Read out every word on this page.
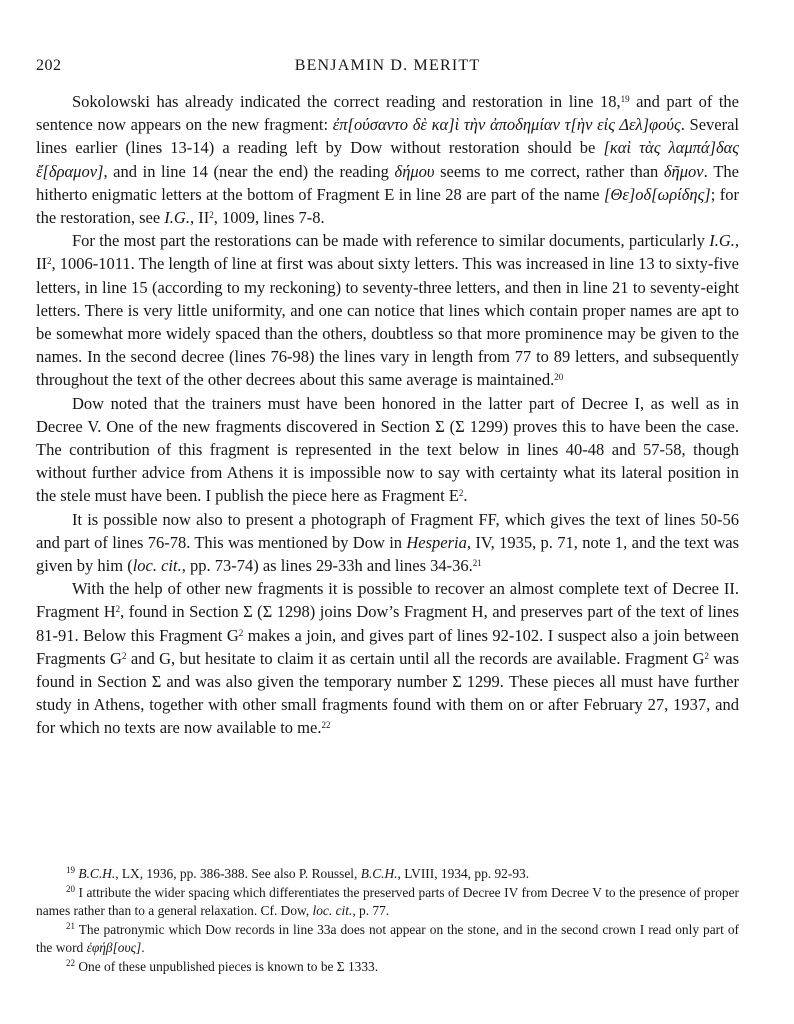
202	BENJAMIN D. MERITT

Sokolowski has already indicated the correct reading and restoration in line 18,19 and part of the sentence now appears on the new fragment: ἐπ[ούσαντο δὲ κα]ὶ τὴν ἀποδημίαν τ[ὴν εἰς Δελ]φούς. Several lines earlier (lines 13-14) a reading left by Dow without restoration should be [καὶ τὰς λαμπά]δας ἔ[δραμον], and in line 14 (near the end) the reading δήμου seems to me correct, rather than δῆμον. The hitherto enigmatic letters at the bottom of Fragment E in line 28 are part of the name [Θε]οδ[ωρίδης]; for the restoration, see I.G., $II^2$, 1009, lines 7-8.

For the most part the restorations can be made with reference to similar documents, particularly I.G., $II^2$, 1006-1011. The length of line at first was about sixty letters. This was increased in line 13 to sixty-five letters, in line 15 (according to my reckoning) to seventy-three letters, and then in line 21 to seventy-eight letters. There is very little uniformity, and one can notice that lines which contain proper names are apt to be somewhat more widely spaced than the others, doubtless so that more prominence may be given to the names. In the second decree (lines 76-98) the lines vary in length from 77 to 89 letters, and subsequently throughout the text of the other decrees about this same average is maintained.$^{20}$

Dow noted that the trainers must have been honored in the latter part of Decree I, as well as in Decree V. One of the new fragments discovered in Section Σ (Σ 1299) proves this to have been the case. The contribution of this fragment is represented in the text below in lines 40-48 and 57-58, though without further advice from Athens it is impossible now to say with certainty what its lateral position in the stele must have been. I publish the piece here as Fragment $E^2$.

It is possible now also to present a photograph of Fragment FF, which gives the text of lines 50-56 and part of lines 76-78. This was mentioned by Dow in Hesperia, IV, 1935, p. 71, note 1, and the text was given by him (loc. cit., pp. 73-74) as lines 29-33h and lines 34-36.21

With the help of other new fragments it is possible to recover an almost complete text of Decree II. Fragment $H^2$, found in Section Σ (Σ 1298) joins Dow’s Fragment H, and preserves part of the text of lines 81-91. Below this Fragment $G^2$ makes a join, and gives part of lines 92-102. I suspect also a join between Fragments $G^2$ and G, but hesitate to claim it as certain until all the records are available. Fragment $G^2$ was found in Section Σ and was also given the temporary number Σ 1299. These pieces all must have further study in Athens, together with other small fragments found with them on or after February 27, 1937, and for which no texts are now available to me.$^{22}$

$^{19}$ B.C.H., LX, 1936, pp. 386-388. See also P. Roussel, B.C.H., LVIII, 1934, pp. 92-93.

$^{20}$ I attribute the wider spacing which differentiates the preserved parts of Decree IV from Decree V to the presence of proper names rather than to a general relaxation. Cf. Dow, loc. cit., p. 77.

$^{21}$ The patronymic which Dow records in line 33a does not appear on the stone, and in the second crown I read only part of the word ἐφήβ[ους].

$^{22}$ One of these unpublished pieces is known to be Σ 1333.
